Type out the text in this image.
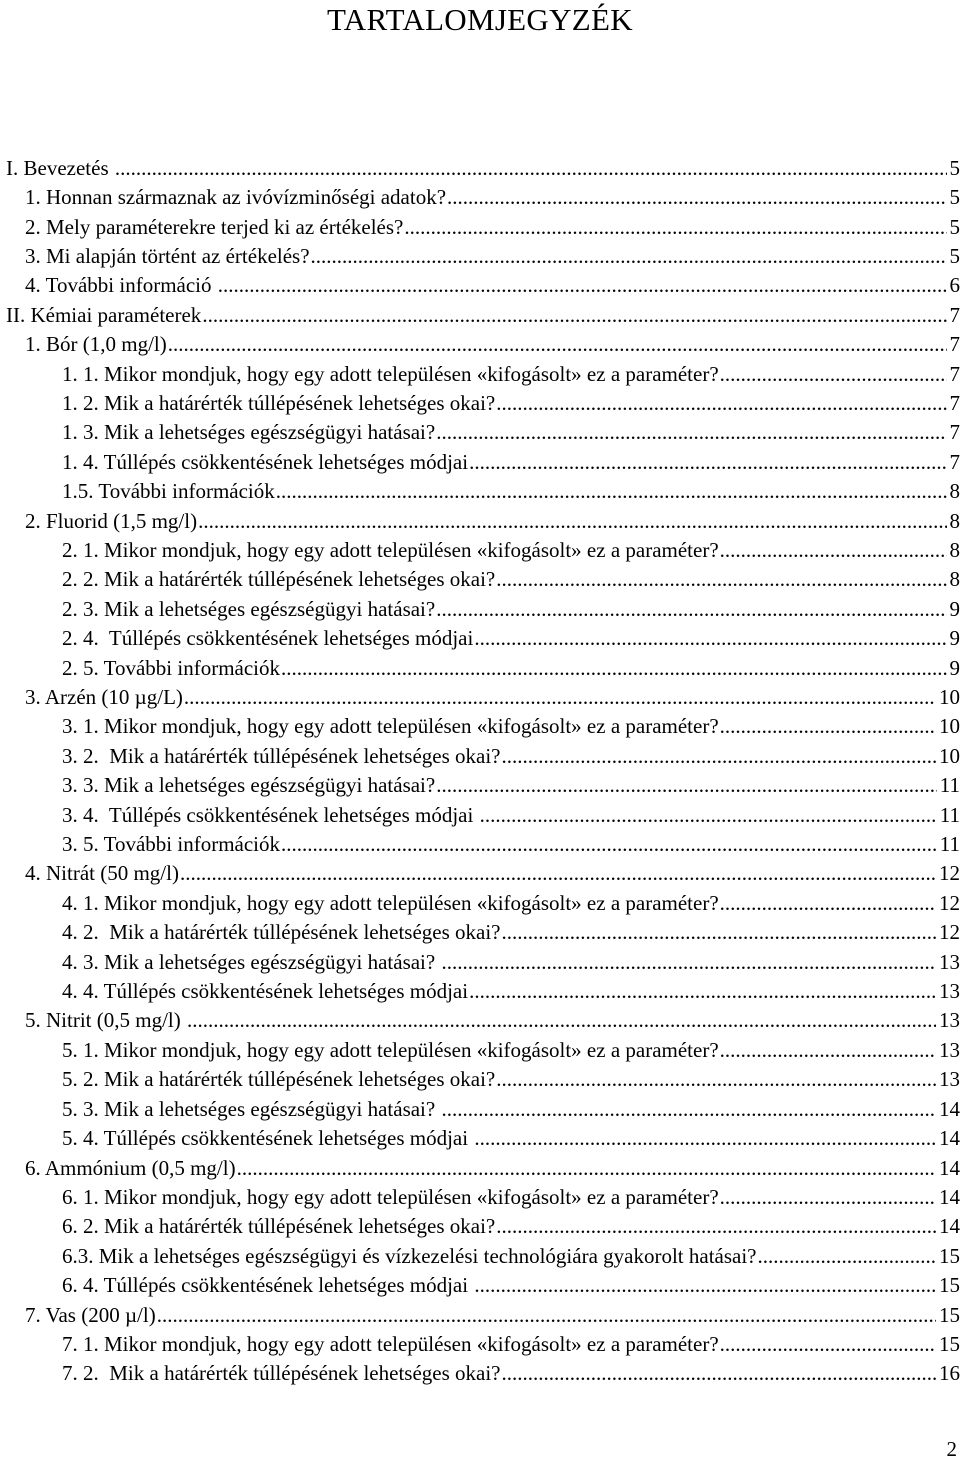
TARTALOMJEGYZÉK
I. Bevezetés .....	5
1. Honnan származnak az ivóvízminőségi adatok? .....	5
2. Mely paraméterekre terjed ki az értékelés? .....	5
3. Mi alapján történt az értékelés? .....	5
4. További információ .....	6
II. Kémiai paraméterek .....	7
1. Bór (1,0 mg/l) .....	7
1. 1. Mikor mondjuk, hogy egy adott településen «kifogásolt» ez a paraméter? .....	7
1. 2. Mik a határérték túllépésének lehetséges okai? .....	7
1. 3. Mik a lehetséges egészségügyi hatásai? .....	7
1. 4. Túllépés csökkentésének lehetséges módjai .....	7
1.5. További információk .....	8
2. Fluorid (1,5 mg/l) .....	8
2. 1. Mikor mondjuk, hogy egy adott településen «kifogásolt» ez a paraméter? .....	8
2. 2. Mik a határérték túllépésének lehetséges okai? .....	8
2. 3. Mik a lehetséges egészségügyi hatásai? .....	9
2. 4.  Túllépés csökkentésének lehetséges módjai .....	9
2. 5. További információk .....	9
3. Arzén (10 µg/L) .....	10
3. 1. Mikor mondjuk, hogy egy adott településen «kifogásolt» ez a paraméter? .....	10
3. 2.  Mik a határérték túllépésének lehetséges okai? .....	10
3. 3. Mik a lehetséges egészségügyi hatásai? .....	11
3. 4.  Túllépés csökkentésének lehetséges módjai .....	11
3. 5. További információk .....	11
4. Nitrát (50 mg/l) .....	12
4. 1. Mikor mondjuk, hogy egy adott településen «kifogásolt» ez a paraméter? .....	12
4. 2.  Mik a határérték túllépésének lehetséges okai? .....	12
4. 3. Mik a lehetséges egészségügyi hatásai? .....	13
4. 4. Túllépés csökkentésének lehetséges módjai .....	13
5. Nitrit (0,5 mg/l) .....	13
5. 1. Mikor mondjuk, hogy egy adott településen «kifogásolt» ez a paraméter? .....	13
5. 2. Mik a határérték túllépésének lehetséges okai? .....	13
5. 3. Mik a lehetséges egészségügyi hatásai? .....	14
5. 4. Túllépés csökkentésének lehetséges módjai .....	14
6. Ammónium (0,5 mg/l) .....	14
6. 1. Mikor mondjuk, hogy egy adott településen «kifogásolt» ez a paraméter? .....	14
6. 2. Mik a határérték túllépésének lehetséges okai? .....	14
6.3. Mik a lehetséges egészségügyi és vízkezelési technológiára gyakorolt hatásai? .....	15
6. 4. Túllépés csökkentésének lehetséges módjai .....	15
7. Vas (200 µ/l) .....	15
7. 1. Mikor mondjuk, hogy egy adott településen «kifogásolt» ez a paraméter? .....	15
7. 2.  Mik a határérték túllépésének lehetséges okai? .....	16
2
